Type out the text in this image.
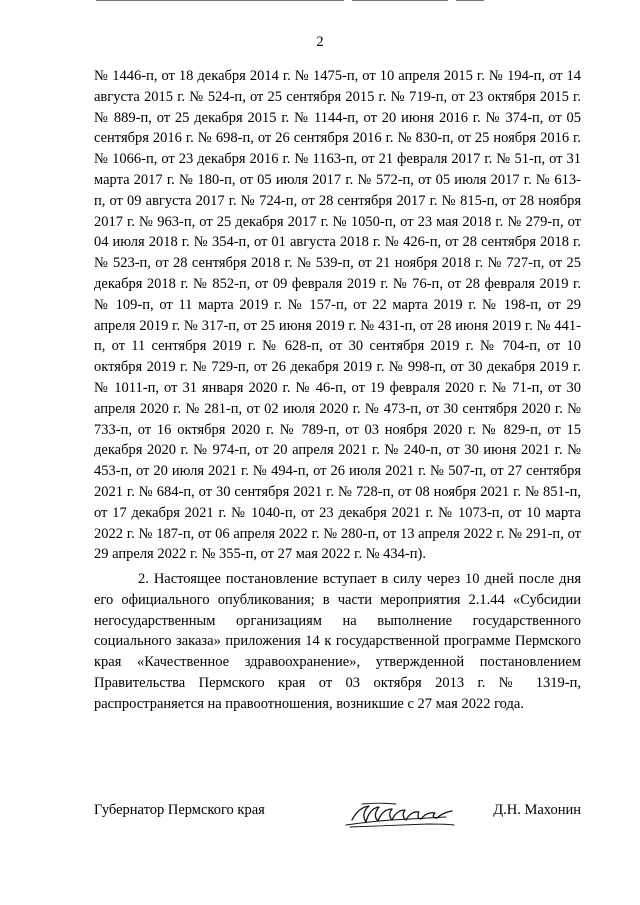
2

№ 1446-п, от 18 декабря 2014 г. № 1475-п, от 10 апреля 2015 г. № 194-п, от 14 августа 2015 г. № 524-п, от 25 сентября 2015 г. № 719-п, от 23 октября 2015 г. № 889-п, от 25 декабря 2015 г. № 1144-п, от 20 июня 2016 г. № 374-п, от 05 сентября 2016 г. № 698-п, от 26 сентября 2016 г. № 830-п, от 25 ноября 2016 г. № 1066-п, от 23 декабря 2016 г. № 1163-п, от 21 февраля 2017 г. № 51-п, от 31 марта 2017 г. № 180-п, от 05 июля 2017 г. № 572-п, от 05 июля 2017 г. № 613-п, от 09 августа 2017 г. № 724-п, от 28 сентября 2017 г. № 815-п, от 28 ноября 2017 г. № 963-п, от 25 декабря 2017 г. № 1050-п, от 23 мая 2018 г. № 279-п, от 04 июля 2018 г. № 354-п, от 01 августа 2018 г. № 426-п, от 28 сентября 2018 г. № 523-п, от 28 сентября 2018 г. № 539-п, от 21 ноября 2018 г. № 727-п, от 25 декабря 2018 г. № 852-п, от 09 февраля 2019 г. № 76-п, от 28 февраля 2019 г. № 109-п, от 11 марта 2019 г. № 157-п, от 22 марта 2019 г. № 198-п, от 29 апреля 2019 г. № 317-п, от 25 июня 2019 г. № 431-п, от 28 июня 2019 г. № 441-п, от 11 сентября 2019 г. № 628-п, от 30 сентября 2019 г. № 704-п, от 10 октября 2019 г. № 729-п, от 26 декабря 2019 г. № 998-п, от 30 декабря 2019 г. № 1011-п, от 31 января 2020 г. № 46-п, от 19 февраля 2020 г. № 71-п, от 30 апреля 2020 г. № 281-п, от 02 июля 2020 г. № 473-п, от 30 сентября 2020 г. № 733-п, от 16 октября 2020 г. № 789-п, от 03 ноября 2020 г. № 829-п, от 15 декабря 2020 г. № 974-п, от 20 апреля 2021 г. № 240-п, от 30 июня 2021 г. № 453-п, от 20 июля 2021 г. № 494-п, от 26 июля 2021 г. № 507-п, от 27 сентября 2021 г. № 684-п, от 30 сентября 2021 г. № 728-п, от 08 ноября 2021 г. № 851-п, от 17 декабря 2021 г. № 1040-п, от 23 декабря 2021 г. № 1073-п, от 10 марта 2022 г. № 187-п, от 06 апреля 2022 г. № 280-п, от 13 апреля 2022 г. № 291-п, от 29 апреля 2022 г. № 355-п, от 27 мая 2022 г. № 434-п).

2. Настоящее постановление вступает в силу через 10 дней после дня его официального опубликования; в части мероприятия 2.1.44 «Субсидии негосударственным организациям на выполнение государственного социального заказа» приложения 14 к государственной программе Пермского края «Качественное здравоохранение», утвержденной постановлением Правительства Пермского края от 03 октября 2013 г. № 1319-п, распространяется на правоотношения, возникшие с 27 мая 2022 года.

Губернатор Пермского края	Д.Н. Махонин
